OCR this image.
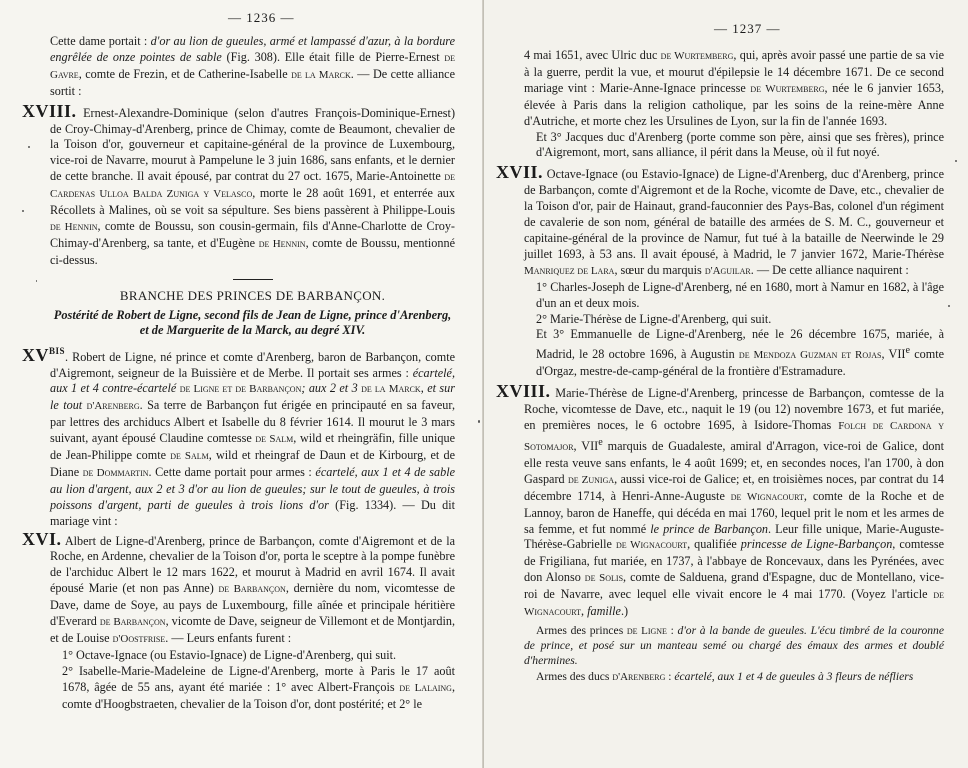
— 1236 —

Cette dame portait : d'or au lion de gueules, armé et lampassé d'azur, à la bordure engrêlée de onze pointes de sable (Fig. 308). Elle était fille de Pierre-Ernest de Gavre, comte de Frezin, et de Catherine-Isabelle de la Marck. — De cette alliance sortit :

XVIII. Ernest-Alexandre-Dominique (selon d'autres François-Dominique-Ernest) de Croy-Chimay-d'Arenberg, prince de Chimay, comte de Beaumont, chevalier de la Toison d'or, gouverneur et capitaine-général de la province de Luxembourg, vice-roi de Navarre, mourut à Pampelune le 3 juin 1686, sans enfants, et le dernier de cette branche. Il avait épousé, par contrat du 27 oct. 1675, Marie-Antoinette de Cardenas Ulloa Balda Zuniga y Velasco, morte le 28 août 1691, et enterrée aux Récollets à Malines, où se voit sa sépulture. Ses biens passèrent à Philippe-Louis de Hennin, comte de Boussu, son cousin-germain, fils d'Anne-Charlotte de Croy-Chimay-d'Arenberg, sa tante, et d'Eugène de Hennin, comte de Boussu, mentionné ci-dessus.

BRANCHE DES PRINCES DE BARBANÇON.
Postérité de Robert de Ligne, second fils de Jean de Ligne, prince d'Arenberg, et de Marguerite de la Marck, au degré XIV.

$XV^{BIS}$. Robert de Ligne, né prince et comte d'Arenberg, baron de Barbançon, comte d'Aigremont, seigneur de la Buissière et de Merbe. Il portait ses armes : écartelé, aux 1 et 4 contre-écartelé de Ligne et de Barbançon; aux 2 et 3 de la Marck, et sur le tout d'Arenberg. Sa terre de Barbançon fut érigée en principauté en sa faveur, par lettres des archiducs Albert et Isabelle du 8 février 1614. Il mourut le 3 mars suivant, ayant épousé Claudine comtesse de Salm, wild et rheingräfin, fille unique de Jean-Philippe comte de Salm, wild et rheingraf de Daun et de Kirbourg, et de Diane de Dommartin. Cette dame portait pour armes : écartelé, aux 1 et 4 de sable au lion d'argent, aux 2 et 3 d'or au lion de gueules; sur le tout de gueules, à trois poissons d'argent, parti de gueules à trois lions d'or (Fig. 1334). — Du dit mariage vint :

XVI. Albert de Ligne-d'Arenberg, prince de Barbançon, comte d'Aigremont et de la Roche, en Ardenne, chevalier de la Toison d'or, porta le sceptre à la pompe funèbre de l'archiduc Albert le 12 mars 1622, et mourut à Madrid en avril 1674. Il avait épousé Marie (et non pas Anne) de Barbançon, dernière du nom, vicomtesse de Dave, dame de Soye, au pays de Luxembourg, fille aînée et principale héritière d'Everard de Barbançon, vicomte de Dave, seigneur de Villemont et de Montjardin, et de Louise d'Oostfrise. — Leurs enfants furent :

1° Octave-Ignace (ou Estavio-Ignace) de Ligne-d'Arenberg, qui suit.

2° Isabelle-Marie-Madeleine de Ligne-d'Arenberg, morte à Paris le 17 août 1678, âgée de 55 ans, ayant été mariée : 1° avec Albert-François de Lalaing, comte d'Hoogbstraeten, chevalier de la Toison d'or, dont postérité; et 2° le

— 1237 —

4 mai 1651, avec Ulric duc de Wurtemberg, qui, après avoir passé une partie de sa vie à la guerre, perdit la vue, et mourut d'épilepsie le 14 décembre 1671. De ce second mariage vint : Marie-Anne-Ignace princesse de Wurtemberg, née le 6 janvier 1653, élevée à Paris dans la religion catholique, par les soins de la reine-mère Anne d'Autriche, et morte chez les Ursulines de Lyon, sur la fin de l'année 1693.

Et 3° Jacques duc d'Arenberg (porte comme son père, ainsi que ses frères), prince d'Aigremont, mort, sans alliance, il périt dans la Meuse, où il fut noyé.

XVII. Octave-Ignace (ou Estavio-Ignace) de Ligne-d'Arenberg, duc d'Arenberg, prince de Barbançon, comte d'Aigremont et de la Roche, vicomte de Dave, etc., chevalier de la Toison d'or, pair de Hainaut, grand-fauconnier des Pays-Bas, colonel d'un régiment de cavalerie de son nom, général de bataille des armées de S. M. C., gouverneur et capitaine-général de la province de Namur, fut tué à la bataille de Neerwinde le 29 juillet 1693, à 53 ans. Il avait épousé, à Madrid, le 7 janvier 1672, Marie-Thérèse Manriquez de Lara, sœur du marquis d'Aguilar. — De cette alliance naquirent :

1° Charles-Joseph de Ligne-d'Arenberg, né en 1680, mort à Namur en 1682, à l'âge d'un an et deux mois.

2° Marie-Thérèse de Ligne-d'Arenberg, qui suit.

Et 3° Emmanuelle de Ligne-d'Arenberg, née le 26 décembre 1675, mariée, à Madrid, le 28 octobre 1696, à Augustin de Mendoza Guzman et Rojas, VIIe comte d'Orgaz, mestre-de-camp-général de la frontière d'Estramadure.

XVIII. Marie-Thérèse de Ligne-d'Arenberg, princesse de Barbançon, comtesse de la Roche, vicomtesse de Dave, etc., naquit le 19 (ou 12) novembre 1673, et fut mariée, en premières noces, le 6 octobre 1695, à Isidore-Thomas Folch de Cardona y Sotomajor, VIIe marquis de Guadaleste, amiral d'Arragon, vice-roi de Galice, dont elle resta veuve sans enfants, le 4 août 1699; et, en secondes noces, l'an 1700, à don Gaspard de Zuniga, aussi vice-roi de Galice; et, en troisièmes noces, par contrat du 14 décembre 1714, à Henri-Anne-Auguste de Wignacourt, comte de la Roche et de Lannoy, baron de Haneffe, qui décéda en mai 1760, lequel prit le nom et les armes de sa femme, et fut nommé le prince de Barbançon. Leur fille unique, Marie-Auguste-Thérèse-Gabrielle de Wignacourt, qualifiée princesse de Ligne-Barbançon, comtesse de Frigiliana, fut mariée, en 1737, à l'abbaye de Roncevaux, dans les Pyrénées, avec don Alonso de Solis, comte de Salduena, grand d'Espagne, duc de Montellano, vice-roi de Navarre, avec lequel elle vivait encore le 4 mai 1770. (Voyez l'article de Wignacourt, famille.)

Armes des princes de Ligne : d'or à la bande de gueules. L'écu timbré de la couronne de prince, et posé sur un manteau semé ou chargé des émaux des armes et doublé d'hermines.

Armes des ducs d'Arenberg : écartelé, aux 1 et 4 de gueules à 3 fleurs de néfliers
